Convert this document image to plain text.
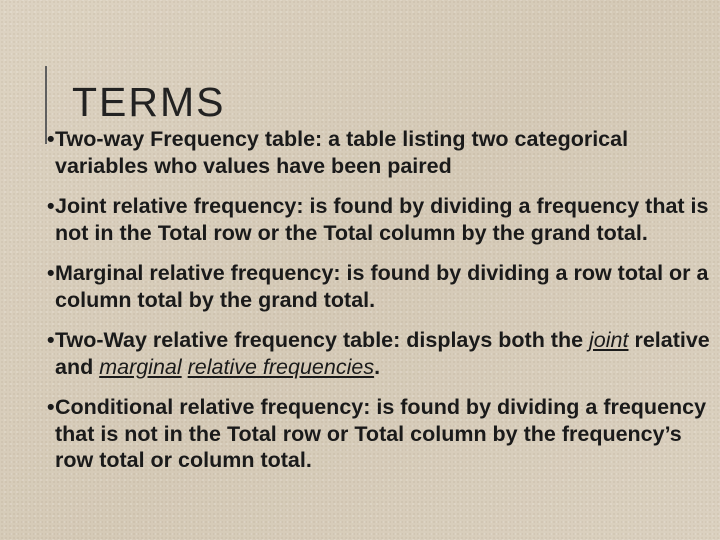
TERMS
• Two-way Frequency table: a table listing two categorical variables who values have been paired
• Joint relative frequency: is found by dividing a frequency that is not in the Total row or the Total column by the grand total.
• Marginal relative frequency: is found by dividing a row total or a column total by the grand total.
• Two-Way relative frequency table: displays both the joint relative and marginal relative frequencies.
• Conditional relative frequency: is found by dividing a frequency that is not in the Total row or Total column by the frequency’s row total or column total.
